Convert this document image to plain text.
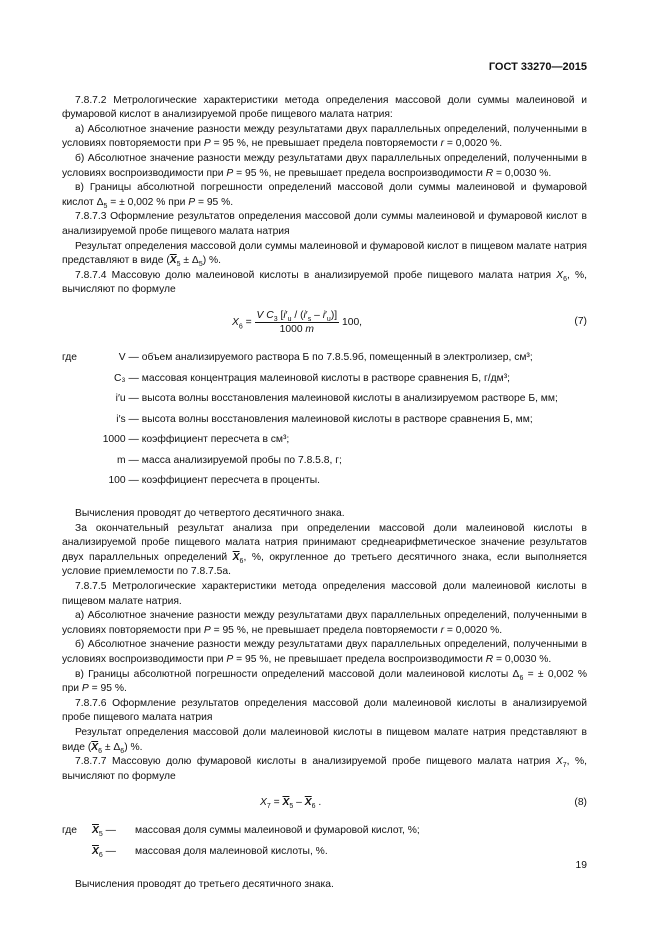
ГОСТ 33270—2015

7.8.7.2 Метрологические характеристики метода определения массовой доли суммы малеиновой и фумаровой кислот в анализируемой пробе пищевого малата натрия:

а) Абсолютное значение разности между результатами двух параллельных определений, полученными в условиях повторяемости при P = 95 %, не превышает предела повторяемости r = 0,0020 %.

б) Абсолютное значение разности между результатами двух параллельных определений, полученными в условиях воспроизводимости при P = 95 %, не превышает предела воспроизводимости R = 0,0030 %.

в) Границы абсолютной погрешности определений массовой доли суммы малеиновой и фумаровой кислот $\Delta_5$ = ± 0,002 % при P = 95 %.

7.8.7.3 Оформление результатов определения массовой доли суммы малеиновой и фумаровой кислот в анализируемой пробе пищевого малата натрия

Результат определения массовой доли суммы малеиновой и фумаровой кислот в пищевом малате натрия представляют в виде $(\overline{X}_5 \pm \Delta_5)$ %.

7.8.7.4 Массовую долю малеиновой кислоты в анализируемой пробе пищевого малата натрия $X_6$, %, вычисляют по формуле

$X_6 = \frac{V C_3 [i'_u / (i'_s - i'_u)]}{1000 m} 100$,	(7)
где	V —	объем анализируемого раствора Б по 7.8.5.9б, помещенный в электролизер, см³;
	C₃ —	массовая концентрация малеиновой кислоты в растворе сравнения Б, г/дм³;
	i′u —	высота волны восстановления малеиновой кислоты в анализируемом растворе Б, мм;
	i′s —	высота волны восстановления малеиновой кислоты в растворе сравнения Б, мм;
	1000 —	коэффициент пересчета в см³;
	m —	масса анализируемой пробы по 7.8.5.8, г;
	100 —	коэффициент пересчета в проценты.

Вычисления проводят до четвертого десятичного знака.

За окончательный результат анализа при определении массовой доли малеиновой кислоты в анализируемой пробе пищевого малата натрия принимают среднеарифметическое значение результатов двух параллельных определений $\overline{X}_6$, %, округленное до третьего десятичного знака, если выполняется условие приемлемости по 7.8.7.5а.

7.8.7.5 Метрологические характеристики метода определения массовой доли малеиновой кислоты в пищевом малате натрия.

а) Абсолютное значение разности между результатами двух параллельных определений, полученными в условиях повторяемости при P = 95 %, не превышает предела повторяемости r = 0,0020 %.

б) Абсолютное значение разности между результатами двух параллельных определений, полученными в условиях воспроизводимости при P = 95 %, не превышает предела воспроизводимости R = 0,0030 %.

в) Границы абсолютной погрешности определений массовой доли малеиновой кислоты $\Delta_6$ = ± 0,002 % при P = 95 %.

7.8.7.6 Оформление результатов определения массовой доли малеиновой кислоты в анализируемой пробе пищевого малата натрия

Результат определения массовой доли малеиновой кислоты в пищевом малате натрия представляют в виде $(\overline{X}_6 \pm \Delta_6)$ %.

7.8.7.7 Массовую долю фумаровой кислоты в анализируемой пробе пищевого малата натрия $X_7$, %, вычисляют по формуле

$X_7 = \overline{X}_5 - \overline{X}_6$ .	(8)
где	$\overline{X}_5$ —	массовая доля суммы малеиновой и фумаровой кислот, %;
	$\overline{X}_6$ —	массовая доля малеиновой кислоты, %.

Вычисления проводят до третьего десятичного знака.

19
